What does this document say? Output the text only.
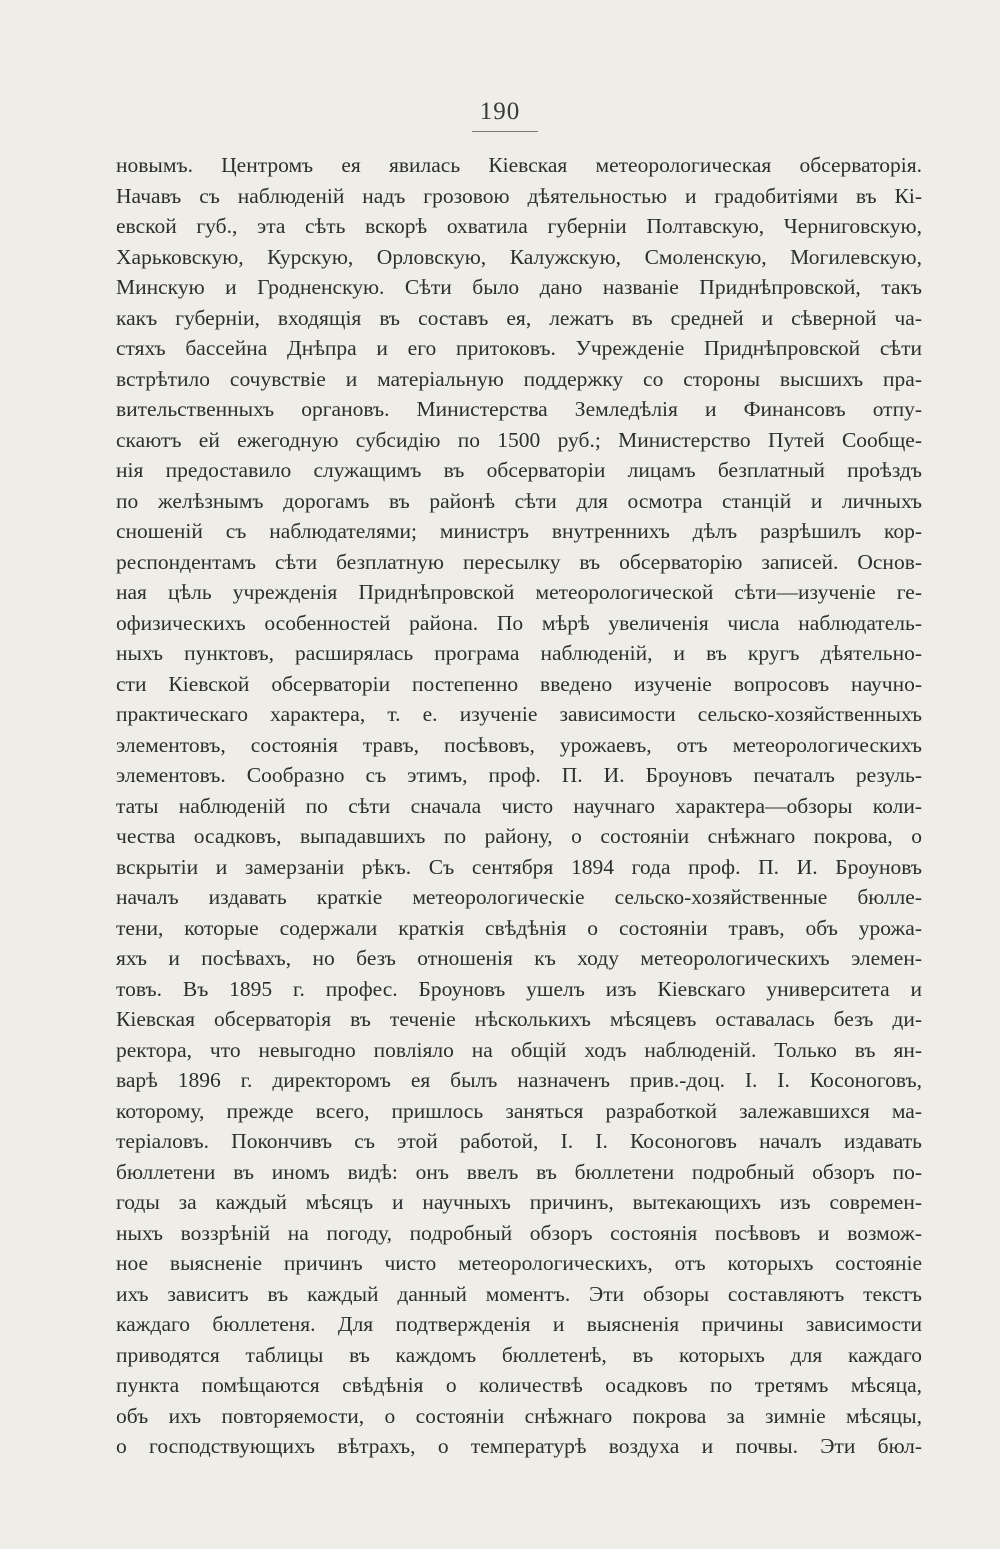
190
новымъ. Центромъ ея явилась Кіевская метеорологическая обсерваторія.
Начавъ съ наблюденій надъ грозовою дѣятельностью и градобитіями въ Кі-
евской губ., эта сѣть вскорѣ охватила губерніи Полтавскую, Черниговскую,
Харьковскую, Курскую, Орловскую, Калужскую, Смоленскую, Могилевскую,
Минскую и Гродненскую. Сѣти было дано названіе Приднѣпровской, такъ
какъ губерніи, входящія въ составъ ея, лежатъ въ средней и сѣверной ча-
стяхъ бассейна Днѣпра и его притоковъ. Учрежденіе Приднѣпровской сѣти
встрѣтило сочувствіе и матеріальную поддержку со стороны высшихъ пра-
вительственныхъ органовъ. Министерства Земледѣлія и Финансовъ отпу-
скаютъ ей ежегодную субсидію по 1500 руб.; Министерство Путей Сообще-
нія предоставило служащимъ въ обсерваторіи лицамъ безплатный проѣздъ
по желѣзнымъ дорогамъ въ районѣ сѣти для осмотра станцій и личныхъ
сношеній съ наблюдателями; министръ внутреннихъ дѣлъ разрѣшилъ кор-
респондентамъ сѣти безплатную пересылку въ обсерваторію записей. Основ-
ная цѣль учрежденія Приднѣпровской метеорологической сѣти—изученіе ге-
офизическихъ особенностей района. По мѣрѣ увеличенія числа наблюдатель-
ныхъ пунктовъ, расширялась програма наблюденій, и въ кругъ дѣятельно-
сти Кіевской обсерваторіи постепенно введено изученіе вопросовъ научно-
практическаго характера, т. е. изученіе зависимости сельско-хозяйственныхъ
элементовъ, состоянія травъ, посѣвовъ, урожаевъ, отъ метеорологическихъ
элементовъ. Сообразно съ этимъ, проф. П. И. Броуновъ печаталъ резуль-
таты наблюденій по сѣти сначала чисто научнаго характера—обзоры коли-
чества осадковъ, выпадавшихъ по району, о состояніи снѣжнаго покрова, о
вскрытіи и замерзаніи рѣкъ. Съ сентября 1894 года проф. П. И. Броуновъ
началъ издавать краткіе метеорологическіе сельско-хозяйственные бюлле-
тени, которые содержали краткія свѣдѣнія о состояніи травъ, объ урожа-
яхъ и посѣвахъ, но безъ отношенія къ ходу метеорологическихъ элемен-
товъ. Въ 1895 г. профес. Броуновъ ушелъ изъ Кіевскаго университета и
Кіевская обсерваторія въ теченіе нѣсколькихъ мѣсяцевъ оставалась безъ ди-
ректора, что невыгодно повліяло на общій ходъ наблюденій. Только въ ян-
варѣ 1896 г. директоромъ ея былъ назначенъ прив.-доц. І. І. Косоноговъ,
которому, прежде всего, пришлось заняться разработкой залежавшихся ма-
теріаловъ. Покончивъ съ этой работой, І. І. Косоноговъ началъ издавать
бюллетени въ иномъ видѣ: онъ ввелъ въ бюллетени подробный обзоръ по-
годы за каждый мѣсяцъ и научныхъ причинъ, вытекающихъ изъ современ-
ныхъ воззрѣній на погоду, подробный обзоръ состоянія посѣвовъ и возмож-
ное выясненіе причинъ чисто метеорологическихъ, отъ которыхъ состояніе
ихъ зависитъ въ каждый данный моментъ. Эти обзоры составляютъ текстъ
каждаго бюллетеня. Для подтвержденія и выясненія причины зависимости
приводятся таблицы въ каждомъ бюллетенѣ, въ которыхъ для каждаго
пункта помѣщаются свѣдѣнія о количествѣ осадковъ по третямъ мѣсяца,
объ ихъ повторяемости, о состояніи снѣжнаго покрова за зимніе мѣсяцы,
о господствующихъ вѣтрахъ, о температурѣ воздуха и почвы. Эти бюл-
